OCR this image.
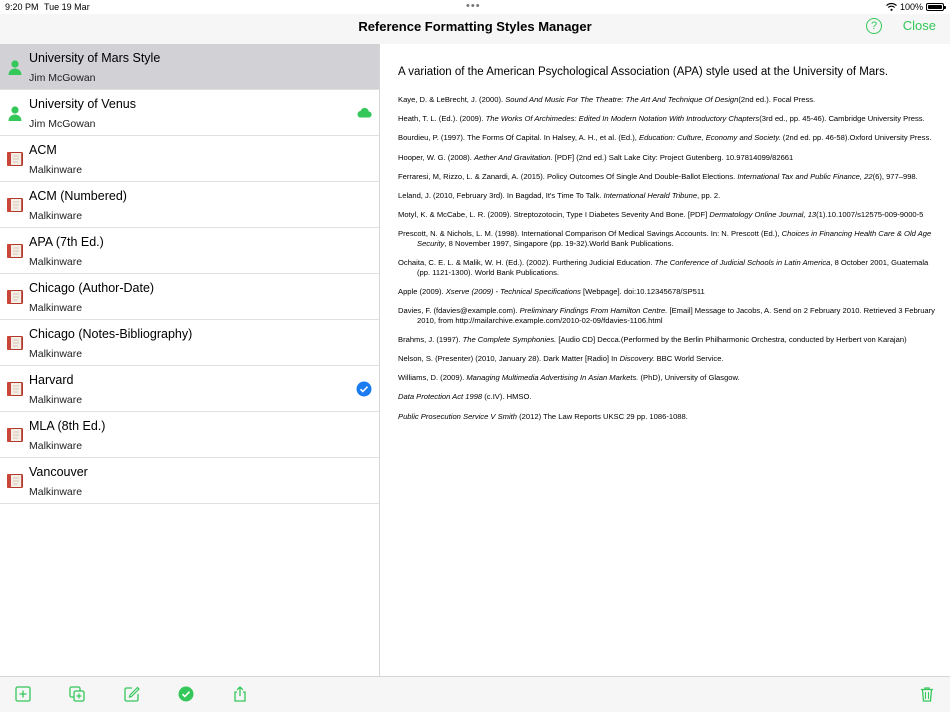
9:20 PM Tue 19 Mar	•••	100%
Reference Formatting Styles Manager	?	Close
University of Mars Style
Jim McGowan
University of Venus
Jim McGowan
ACM
Malkinware
ACM (Numbered)
Malkinware
APA (7th Ed.)
Malkinware
Chicago (Author-Date)
Malkinware
Chicago (Notes-Bibliography)
Malkinware
Harvard
Malkinware
MLA (8th Ed.)
Malkinware
Vancouver
Malkinware
A variation of the American Psychological Association (APA) style used at the University of Mars.
Kaye, D. & LeBrecht, J. (2000). Sound And Music For The Theatre: The Art And Technique Of Design(2nd ed.). Focal Press.
Heath, T. L. (Ed.). (2009). The Works Of Archimedes: Edited In Modern Notation With Introductory Chapters(3rd ed., pp. 45-46). Cambridge University Press.
Bourdieu, P. (1997). The Forms Of Capital. In Halsey, A. H., et al. (Ed.), Education: Culture, Economy and Society. (2nd ed. pp. 46-58).Oxford University Press.
Hooper, W. G. (2008). Aether And Gravitation. [PDF] (2nd ed.) Salt Lake City: Project Gutenberg. 10.97814099/82661
Ferraresi, M, Rizzo, L. & Zanardi, A. (2015). Policy Outcomes Of Single And Double-Ballot Elections. International Tax and Public Finance, 22(6), 977–998.
Leland, J. (2010, February 3rd). In Bagdad, It's Time To Talk. International Herald Tribune, pp. 2.
Motyl, K. & McCabe, L. R. (2009). Streptozotocin, Type I Diabetes Severity And Bone. [PDF] Dermatology Online Journal, 13(1).10.1007/s12575-009-9000-5
Prescott, N. & Nichols, L. M. (1998). International Comparison Of Medical Savings Accounts. In: N. Prescott (Ed.), Choices in Financing Health Care & Old Age Security, 8 November 1997, Singapore (pp. 19-32).World Bank Publications.
Ochaita, C. E. L. & Malik, W. H. (Ed.). (2002). Furthering Judicial Education. The Conference of Judicial Schools in Latin America, 8 October 2001, Guatemala (pp. 1121-1300). World Bank Publications.
Apple (2009). Xserve (2009) - Technical Specifications [Webpage]. doi:10.12345678/SP511
Davies, F. (fdavies@example.com). Preliminary Findings From Hamilton Centre. [Email] Message to Jacobs, A. Send on 2 February 2010. Retrieved 3 February 2010, from http://mailarchive.example.com/2010-02-09/fdavies-1106.html
Brahms, J. (1997). The Complete Symphonies. [Audio CD] Decca.(Performed by the Berlin Philharmonic Orchestra, conducted by Herbert von Karajan)
Nelson, S. (Presenter) (2010, January 28). Dark Matter [Radio] In Discovery. BBC World Service.
Williams, D. (2009). Managing Multimedia Advertising In Asian Markets. (PhD), University of Glasgow.
Data Protection Act 1998 (c.IV). HMSO.
Public Prosecution Service V Smith (2012) The Law Reports UKSC 29 pp. 1086-1088.
